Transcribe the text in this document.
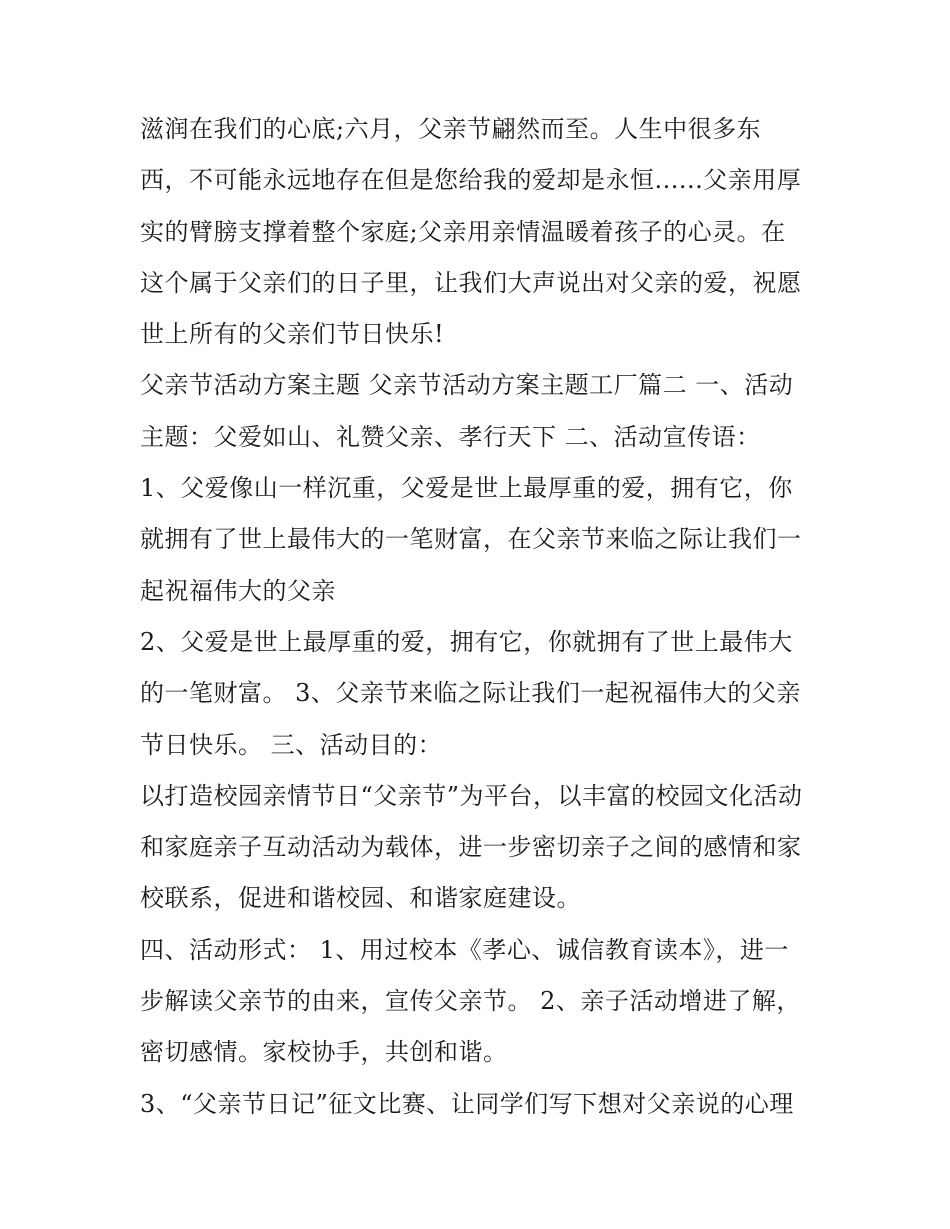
滋润在我们的心底;六月，父亲节翩然而至。人生中很多东
西，不可能永远地存在但是您给我的爱却是永恒......父亲用厚
实的臂膀支撑着整个家庭;父亲用亲情温暖着孩子的心灵。在
这个属于父亲们的日子里，让我们大声说出对父亲的爱，祝愿
世上所有的父亲们节日快乐!
父亲节活动方案主题 父亲节活动方案主题工厂篇二 一、活动
主题：父爱如山、礼赞父亲、孝行天下 二、活动宣传语：
1、父爱像山一样沉重，父爱是世上最厚重的爱，拥有它，你
就拥有了世上最伟大的一笔财富，在父亲节来临之际让我们一
起祝福伟大的父亲
2、父爱是世上最厚重的爱，拥有它，你就拥有了世上最伟大
的一笔财富。 3、父亲节来临之际让我们一起祝福伟大的父亲
节日快乐。 三、活动目的：
以打造校园亲情节日“父亲节”为平台，以丰富的校园文化活动
和家庭亲子互动活动为载体，进一步密切亲子之间的感情和家
校联系，促进和谐校园、和谐家庭建设。
四、活动形式： 1、用过校本《孝心、诚信教育读本》，进一
步解读父亲节的由来，宣传父亲节。 2、亲子活动增进了解，
密切感情。家校协手，共创和谐。
3、“父亲节日记”征文比赛、让同学们写下想对父亲说的心理
